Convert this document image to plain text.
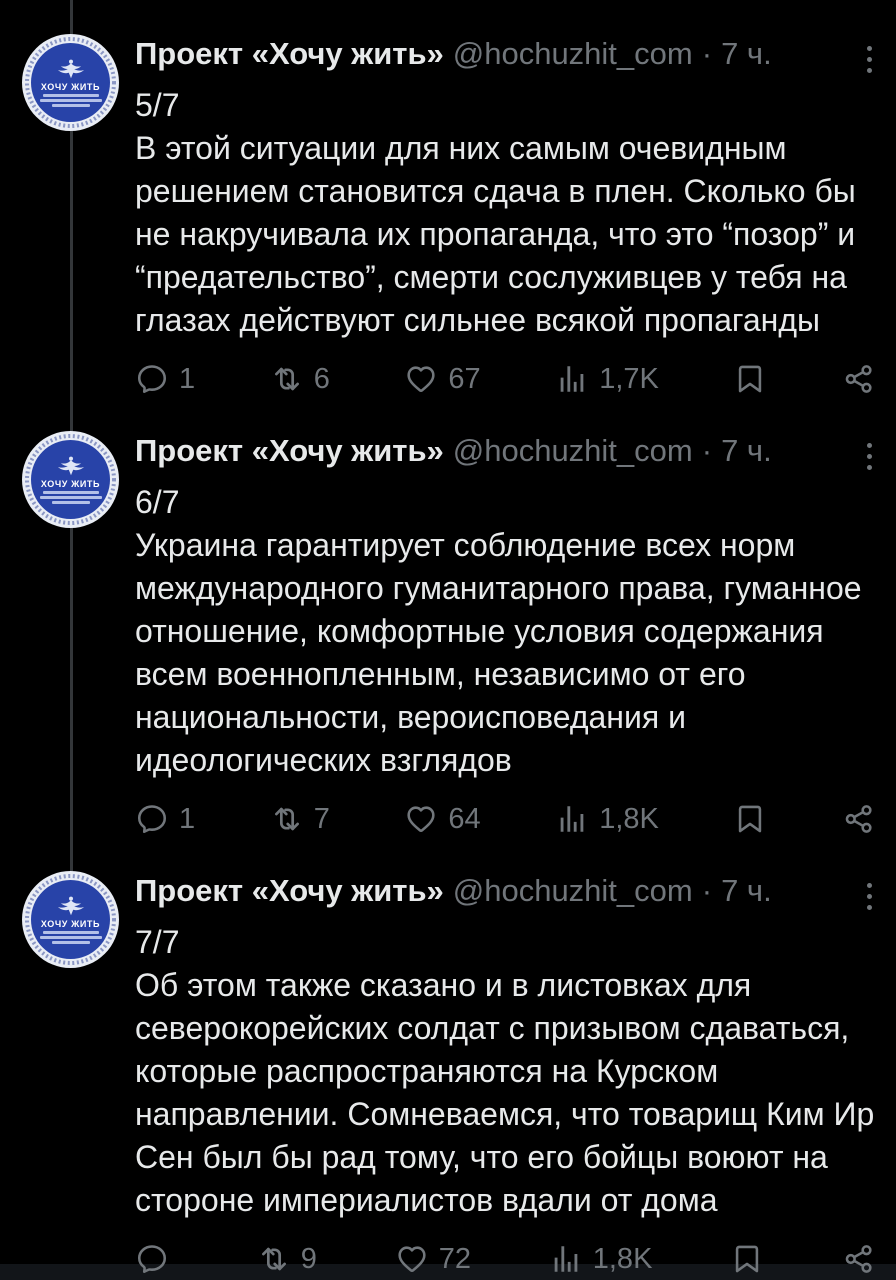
ХОЧУ ЖИТЬ
Проект «Хочу жить» @hochuzhit_com · 7 ч.
5/7
В этой ситуации для них самым очевидным решением становится сдача в плен. Сколько бы не накручивала их пропаганда, что это “позор” и “предательство”, смерти сослуживцев у тебя на глазах действуют сильнее всякой пропаганды
1	6	67	1,7K
ХОЧУ ЖИТЬ
Проект «Хочу жить» @hochuzhit_com · 7 ч.
6/7
Украина гарантирует соблюдение всех норм международного гуманитарного права, гуманное отношение, комфортные условия содержания всем военнопленным, независимо от его национальности, вероисповедания и идеологических взглядов
1	7	64	1,8K
ХОЧУ ЖИТЬ
Проект «Хочу жить» @hochuzhit_com · 7 ч.
7/7
Об этом также сказано и в листовках для северокорейских солдат с призывом сдаваться, которые распространяются на Курском направлении. Сомневаемся, что товарищ Ким Ир Сен был бы рад тому, что его бойцы воюют на стороне империалистов вдали от дома
9	72	1,8K
